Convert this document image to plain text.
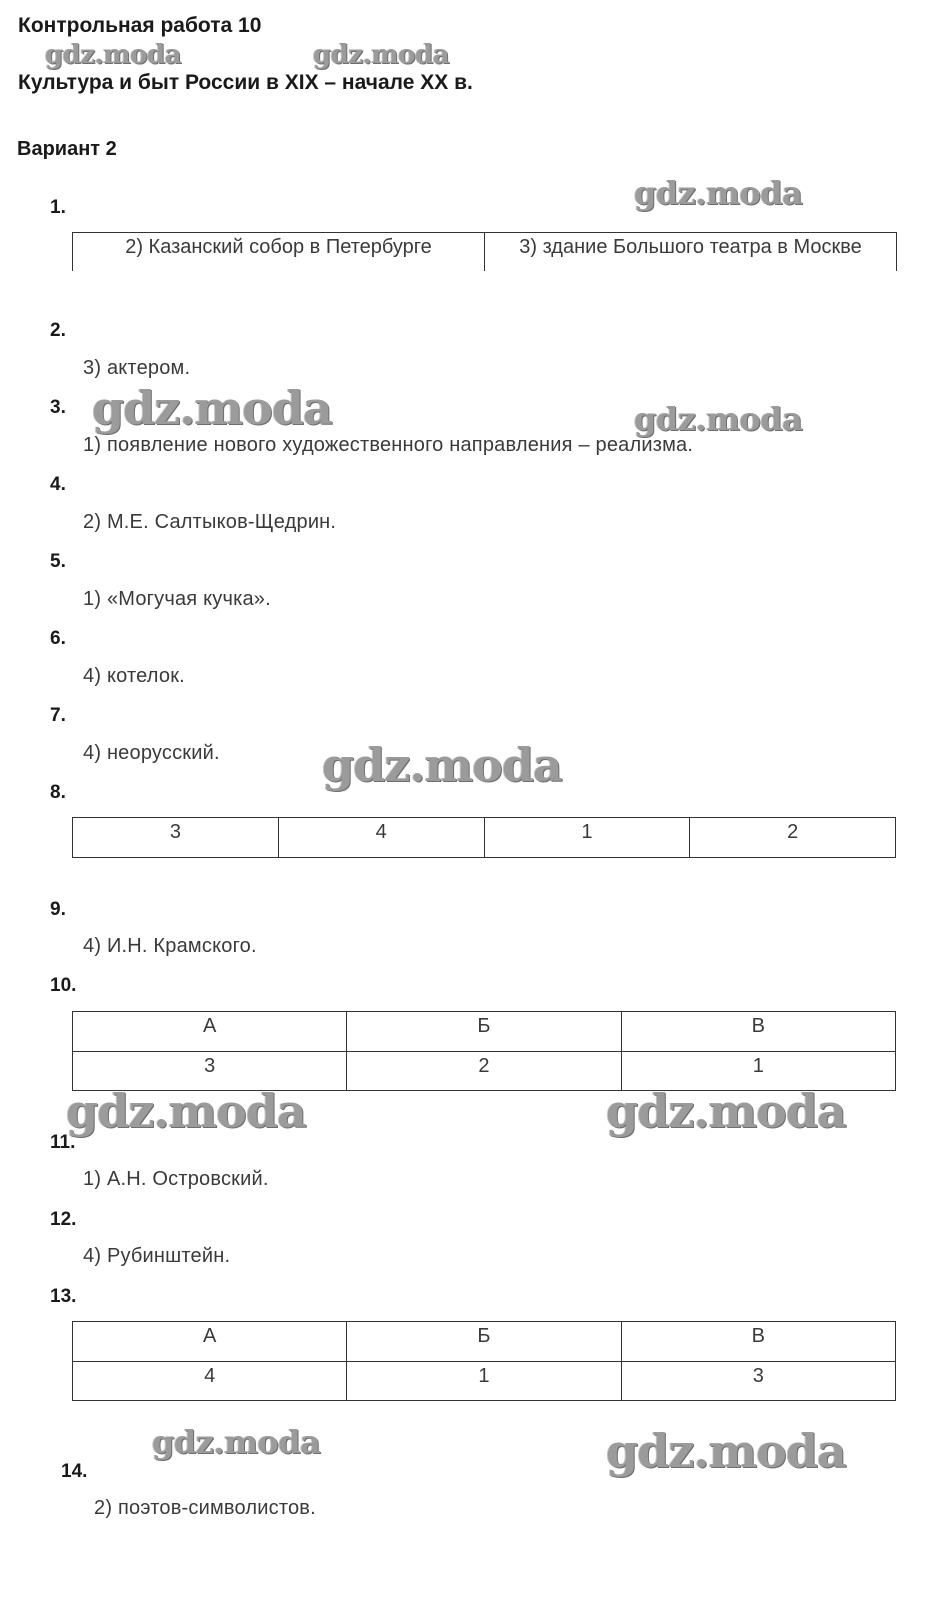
Контрольная работа 10
Культура и быт России в XIX – начале XX в.
Вариант 2
gdz.moda	gdz.moda
gdz.moda
gdz.moda	gdz.moda
gdz.moda
gdz.moda	gdz.moda
gdz.moda	gdz.moda
1.
2) Казанский собор в Петербурге	3) здание Большого театра в Москве
2.
3) актером.
3.
1) появление нового художественного направления – реализма.
4.
2) М.Е. Салтыков-Щедрин.
5.
1) «Могучая кучка».
6.
4) котелок.
7.
4) неорусский.
8.
3	4	1	2
9.
4) И.Н. Крамского.
10.
А	Б	В
3	2	1
11.
1) А.Н. Островский.
12.
4) Рубинштейн.
13.
А	Б	В
4	1	3
14.
2) поэтов-символистов.
